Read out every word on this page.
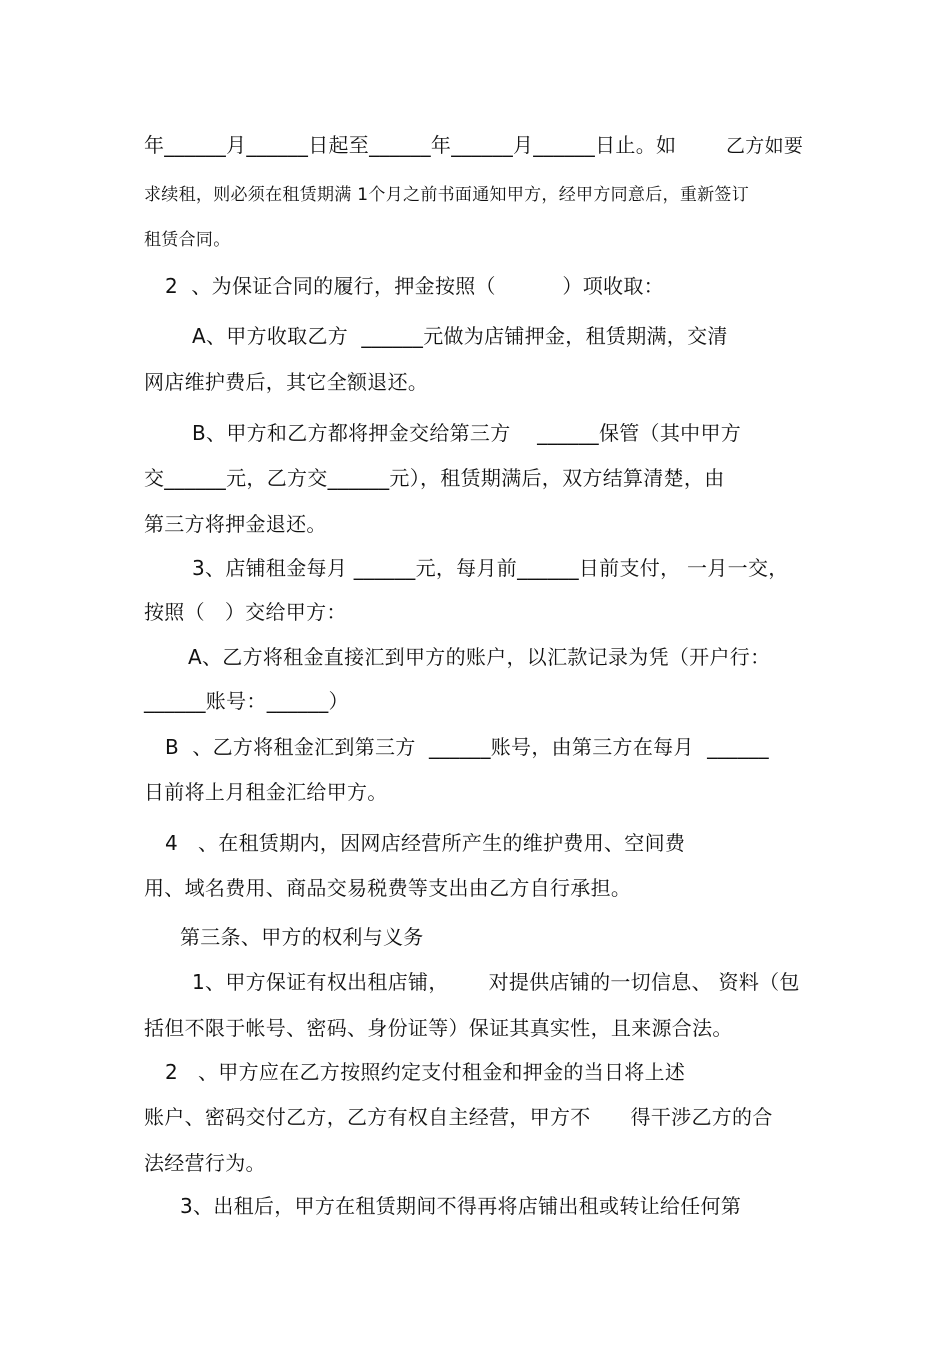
年______月______日起至______年______月______日止。如	乙方如要
求续租，则必须在租赁期满 1个月之前书面通知甲方，经甲方同意后，重新签订
租赁合同。
2  、为保证合同的履行，押金按照（          ）项收取：
A、甲方收取乙方  ______元做为店铺押金，租赁期满，交清
网店维护费后，其它全额退还。
B、甲方和乙方都将押金交给第三方    ______保管（其中甲方
交______元，乙方交______元），租赁期满后，双方结算清楚，由
第三方将押金退还。
3、店铺租金每月 ______元，每月前______日前支付， 一月一交，
按照（   ）交给甲方：
A、乙方将租金直接汇到甲方的账户，以汇款记录为凭（开户行：
______账号：______）
B  、乙方将租金汇到第三方  ______账号，由第三方在每月  ______
日前将上月租金汇给甲方。
4   、在租赁期内，因网店经营所产生的维护费用、空间费
用、域名费用、商品交易税费等支出由乙方自行承担。
第三条、甲方的权利与义务
1、甲方保证有权出租店铺，      对提供店铺的一切信息、 资料（包
括但不限于帐号、密码、身份证等）保证其真实性，且来源合法。
2   、甲方应在乙方按照约定支付租金和押金的当日将上述
账户、密码交付乙方，乙方有权自主经营，甲方不      得干涉乙方的合
法经营行为。
3、出租后，甲方在租赁期间不得再将店铺出租或转让给任何第
